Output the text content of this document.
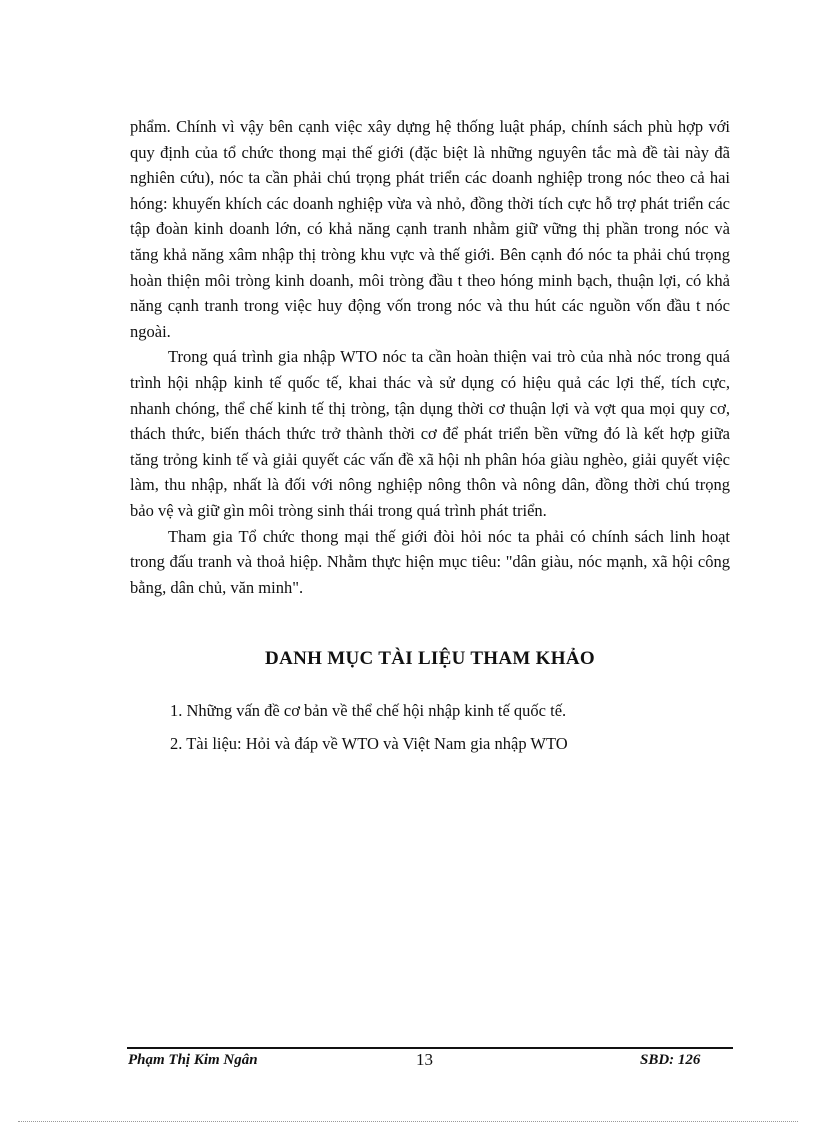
phẩm. Chính vì vậy bên cạnh việc xây dựng hệ thống luật pháp, chính sách phù hợp với quy định của tổ chức thong mại thế giới (đặc biệt là những nguyên tắc mà đề tài này đã nghiên cứu), nóc ta cần phải chú trọng phát triển các doanh nghiệp trong nóc theo cả hai hóng: khuyến khích các doanh nghiệp vừa và nhỏ, đồng thời tích cực hỗ trợ phát triển các tập đoàn kinh doanh lớn, có khả năng cạnh tranh nhằm giữ vững thị phần trong nóc và tăng khả năng xâm nhập thị tròng khu vực và thế giới. Bên cạnh đó nóc ta phải chú trọng hoàn thiện môi tròng kinh doanh, môi tròng đầu t theo hóng minh bạch, thuận lợi, có khả năng cạnh tranh trong việc huy động vốn trong nóc và thu hút các nguồn vốn đầu t nóc ngoài.

Trong quá trình gia nhập WTO nóc ta cần hoàn thiện vai trò của nhà nóc trong quá trình hội nhập kinh tế quốc tế, khai thác và sử dụng có hiệu quả các lợi thế, tích cực, nhanh chóng, thể chế kinh tế thị tròng, tận dụng thời cơ thuận lợi và vợt qua mọi quy cơ, thách thức, biến thách thức trở thành thời cơ để phát triển bền vững đó là kết hợp giữa tăng trỏng kinh tế và giải quyết các vấn đề xã hội nh phân hóa giàu nghèo, giải quyết việc làm, thu nhập, nhất là đối với nông nghiệp nông thôn và nông dân, đồng thời chú trọng bảo vệ và giữ gìn môi tròng sinh thái trong quá trình phát triển.

Tham gia Tổ chức thong mại thế giới đòi hỏi nóc ta phải có chính sách linh hoạt trong đấu tranh và thoả hiệp. Nhằm thực hiện mục tiêu: "dân giàu, nóc mạnh, xã hội công bằng, dân chủ, văn minh".

DANH MỤC TÀI LIỆU THAM KHẢO
1. Những vấn đề cơ bản về thể chế hội nhập kinh tế quốc tế.
2. Tài liệu: Hỏi và đáp về WTO và Việt Nam gia nhập WTO
Phạm Thị Kim Ngân	13	SBD: 126
